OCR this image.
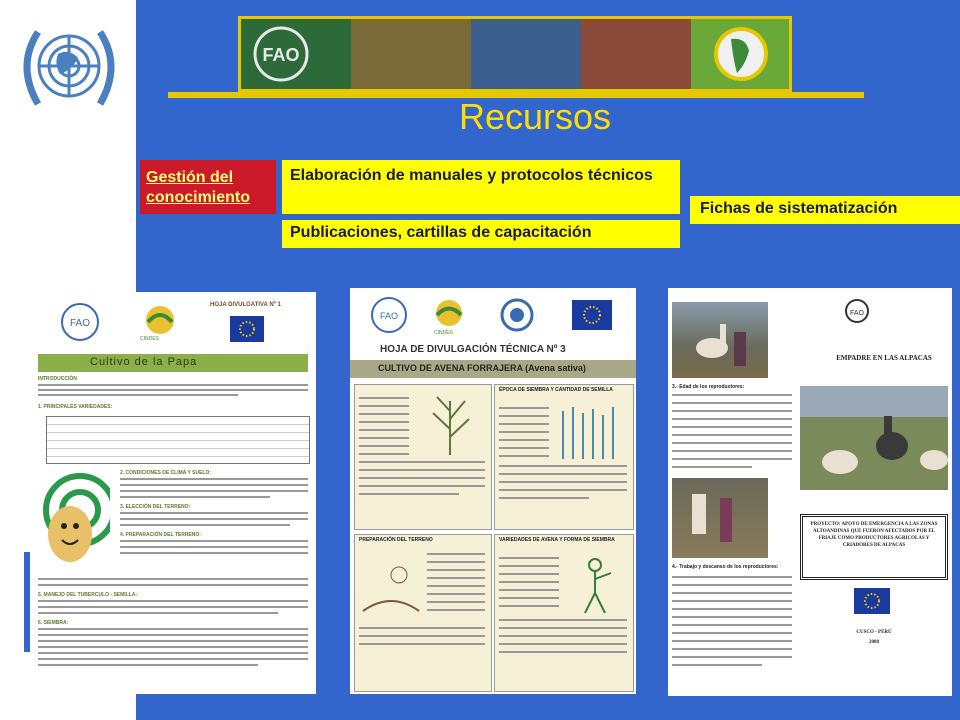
FAO
Recursos
Gestión del conocimiento
Elaboración de manuales y protocolos técnicos
Publicaciones, cartillas de capacitación
Fichas de sistematización
FAO
CINDES
HOJA DIVULGATIVA Nº 1
Cultivo de la Papa
INTRODUCCIÓN
1. PRINCIPALES VARIEDADES:
2. CONDICIONES DE CLIMA Y SUELO:
3. ELECCIÓN DEL TERRENO:
4. PREPARACIÓN DEL TERRENO:
5. MANEJO DEL TUBERCULO - SEMILLA:
6. SIEMBRA:
FAO
CINDES
HOJA DE DIVULGACIÓN TÉCNICA Nº 3
CULTIVO DE AVENA FORRAJERA (Avena sativa)
ÉPOCA DE SIEMBRA Y CANTIDAD DE SEMILLA
PREPARACIÓN DEL TERRENO	VARIEDADES DE AVENA Y FORMA DE SIEMBRA
FAO
EMPADRE EN LAS ALPACAS
3.- Edad de los reproductores:
PROYECTO: APOYO DE EMERGENCIA A LAS ZONAS ALTOANDINAS QUE FUERON AFECTADOS POR EL FRIAJE COMO PRODUCTORES AGRICOLAS Y CRIADORES DE ALPACAS
4.- Trabajo y descanso de los reproductores:
CUSCO - PERÚ
2008
